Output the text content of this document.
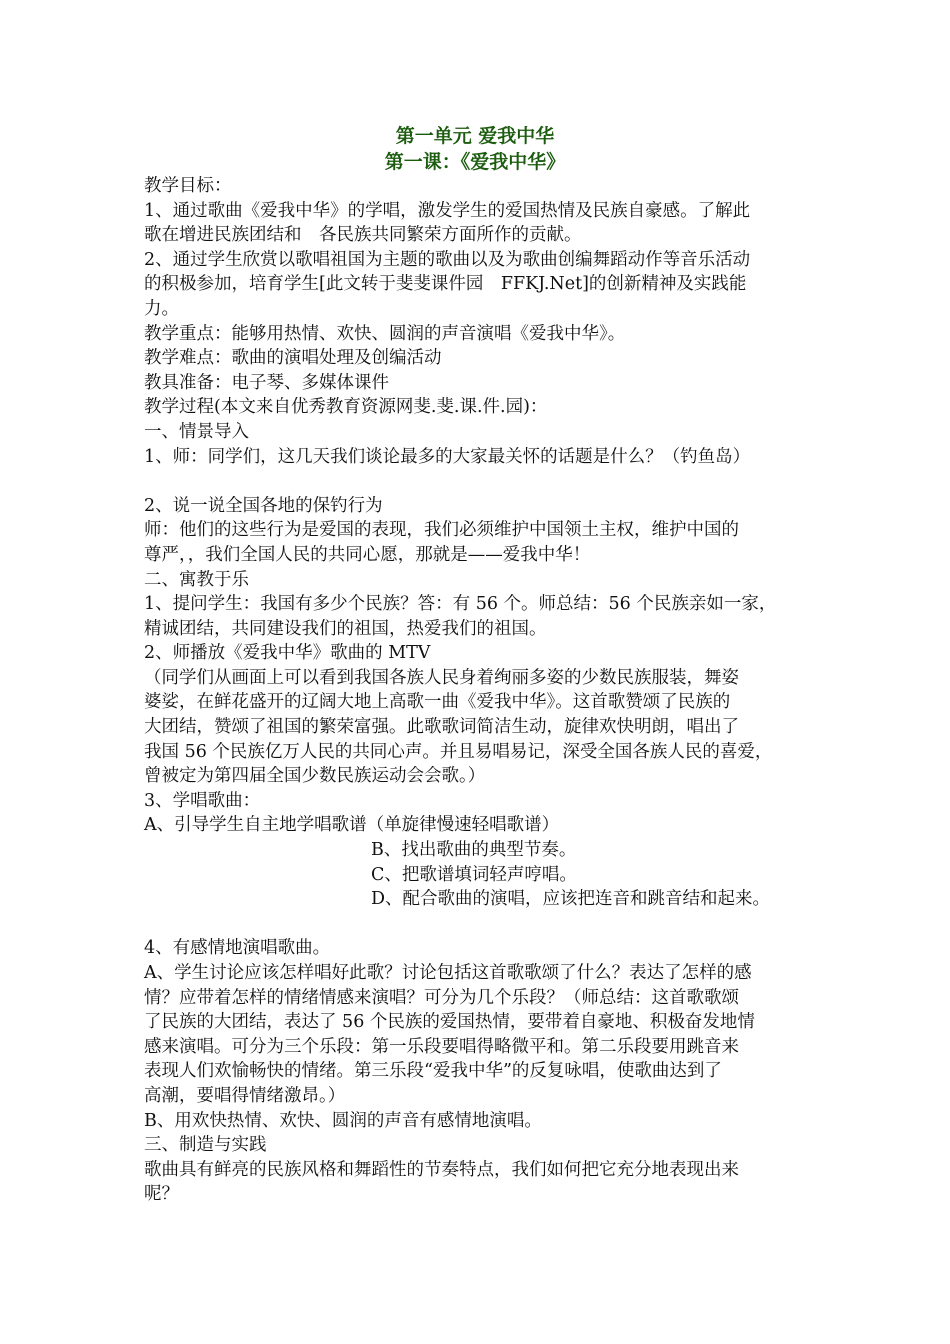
第一单元 爱我中华
第一课：《爱我中华》

教学目标：

1、通过歌曲《爱我中华》的学唱，激发学生的爱国热情及民族自豪感。了解此

歌在增进民族团结和　各民族共同繁荣方面所作的贡献。

2、通过学生欣赏以歌唱祖国为主题的歌曲以及为歌曲创编舞蹈动作等音乐活动

的积极参加，培育学生[此文转于斐斐课件园　FFKJ.Net]的创新精神及实践能

力。

教学重点：能够用热情、欢快、圆润的声音演唱《爱我中华》。

教学难点：歌曲的演唱处理及创编活动

教具准备：电子琴、多媒体课件

教学过程(本文来自优秀教育资源网斐.斐.课.件.园)：

一、情景导入

1、师：同学们，这几天我们谈论最多的大家最关怀的话题是什么？（钓鱼岛）

2、说一说全国各地的保钓行为

师：他们的这些行为是爱国的表现，我们必须维护中国领土主权，维护中国的

尊严，，我们全国人民的共同心愿，那就是——爱我中华！

二、寓教于乐

1、提问学生：我国有多少个民族？答：有 56 个。师总结：56 个民族亲如一家，

精诚团结，共同建设我们的祖国，热爱我们的祖国。

2、师播放《爱我中华》歌曲的 MTV

（同学们从画面上可以看到我国各族人民身着绚丽多姿的少数民族服装，舞姿

婆娑，在鲜花盛开的辽阔大地上高歌一曲《爱我中华》。这首歌赞颂了民族的

大团结，赞颂了祖国的繁荣富强。此歌歌词简洁生动，旋律欢快明朗，唱出了

我国 56 个民族亿万人民的共同心声。并且易唱易记，深受全国各族人民的喜爱，

曾被定为第四届全国少数民族运动会会歌。）

3、学唱歌曲：

A、引导学生自主地学唱歌谱（单旋律慢速轻唱歌谱）

B、找出歌曲的典型节奏。

C、把歌谱填词轻声哼唱。

D、配合歌曲的演唱，应该把连音和跳音结和起来。

4、有感情地演唱歌曲。

A、学生讨论应该怎样唱好此歌？讨论包括这首歌歌颂了什么？表达了怎样的感

情？应带着怎样的情绪情感来演唱？可分为几个乐段？（师总结：这首歌歌颂

了民族的大团结，表达了 56 个民族的爱国热情，要带着自豪地、积极奋发地情

感来演唱。可分为三个乐段：第一乐段要唱得略微平和。第二乐段要用跳音来

表现人们欢愉畅快的情绪。第三乐段“爱我中华”的反复咏唱，使歌曲达到了

高潮，要唱得情绪激昂。）

B、用欢快热情、欢快、圆润的声音有感情地演唱。

三、制造与实践

歌曲具有鲜亮的民族风格和舞蹈性的节奏特点，我们如何把它充分地表现出来

呢？
